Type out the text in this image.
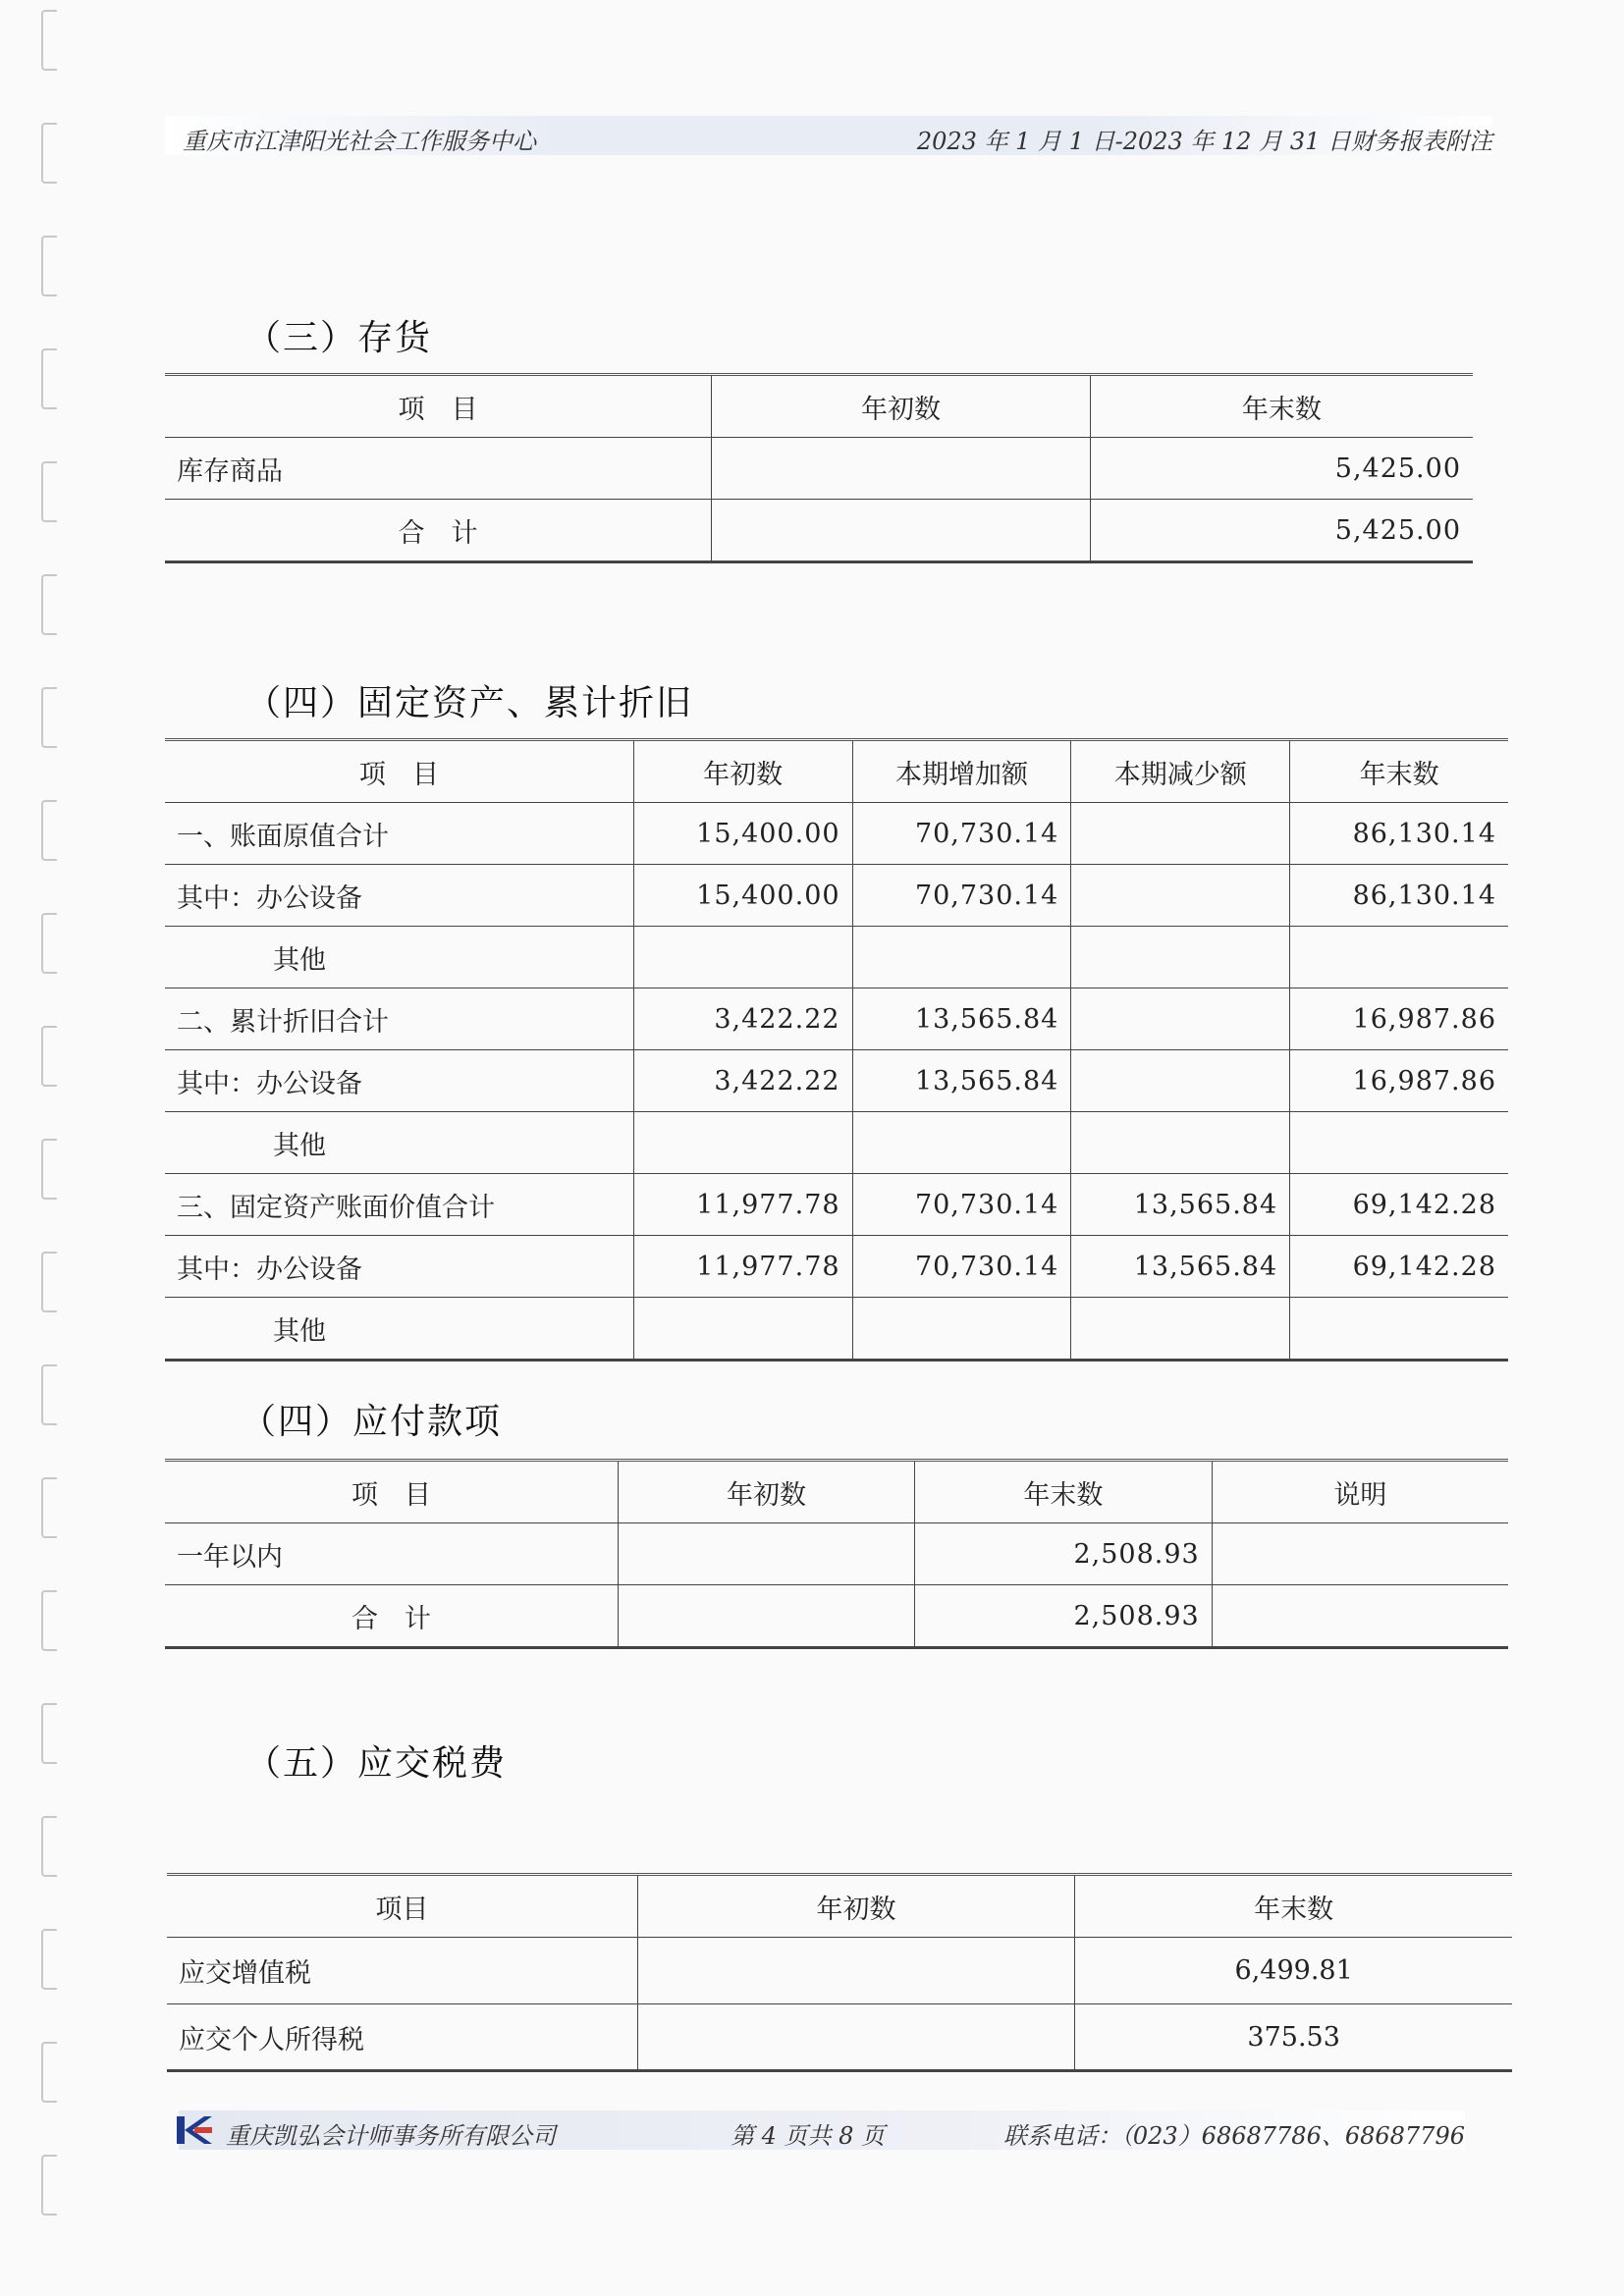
重庆市江津阳光社会工作服务中心	2023 年 1 月 1 日-2023 年 12 月 31 日财务报表附注
（三）存货
项　目	年初数	年末数
库存商品		5,425.00
合　计		5,425.00
（四）固定资产、累计折旧
项　目	年初数	本期增加额	本期减少额	年末数
一、账面原值合计	15,400.00	70,730.14		86,130.14
其中：办公设备	15,400.00	70,730.14		86,130.14
其他				
二、累计折旧合计	3,422.22	13,565.84		16,987.86
其中：办公设备	3,422.22	13,565.84		16,987.86
其他				
三、固定资产账面价值合计	11,977.78	70,730.14	13,565.84	69,142.28
其中：办公设备	11,977.78	70,730.14	13,565.84	69,142.28
其他				
（四）应付款项
项　目	年初数	年末数	说明
一年以内		2,508.93	
合　计		2,508.93	
（五）应交税费
项目	年初数	年末数
应交增值税		6,499.81
应交个人所得税		375.53
重庆凯弘会计师事务所有限公司	第 4 页共 8 页	联系电话：（023）68687786、68687796
